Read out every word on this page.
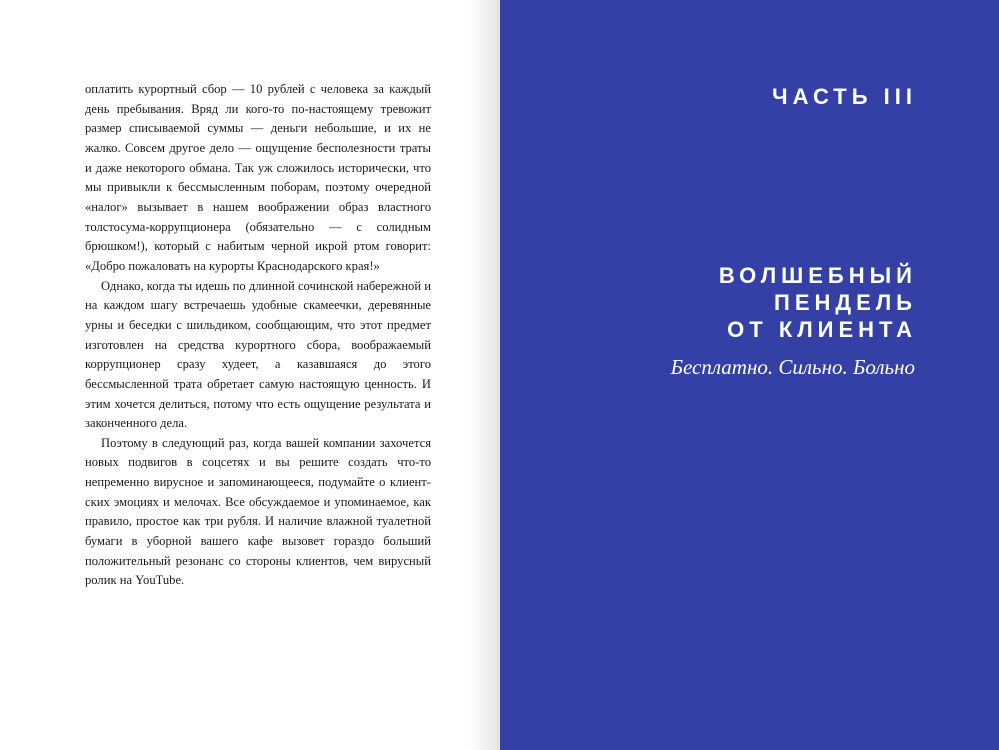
оплатить курортный сбор — 10 рублей с человека за каждый день пребывания. Вряд ли кого-то по-настоящему тревожит размер списываемой суммы — деньги небольшие, и их не жалко. Совсем другое дело — ощущение бесполезности траты и даже некоторого обмана. Так уж сложилось исторически, что мы привыкли к бессмысленным поборам, поэтому очередной «налог» вызывает в нашем воображении образ властного толстосума-коррупционера (обязательно — с солидным брюшком!), который с набитым черной икрой ртом говорит: «Добро пожаловать на курорты Краснодарского края!»

Однако, когда ты идешь по длинной сочинской набережной и на каждом шагу встречаешь удобные скамеечки, деревянные урны и беседки с шильдиком, сообщающим, что этот предмет изготовлен на средства курортного сбора, воображаемый коррупционер сразу худеет, а казавшаяся до этого бессмысленной трата обретает самую настоящую ценность. И этим хочется делиться, потому что есть ощущение результата и законченного дела.

Поэтому в следующий раз, когда вашей компании захочется новых подвигов в соцсетях и вы решите создать что-то непременно вирусное и запоминающееся, подумайте о клиентских эмоциях и мелочах. Все обсуждаемое и упоминаемое, как правило, простое как три рубля. И наличие влажной туалетной бумаги в уборной вашего кафе вызовет гораздо больший положительный резонанс со стороны клиентов, чем вирусный ролик на YouTube.

ЧАСТЬ III
ВОЛШЕБНЫЙ
ПЕНДЕЛЬ
ОТ КЛИЕНТА

Бесплатно. Сильно. Больно
